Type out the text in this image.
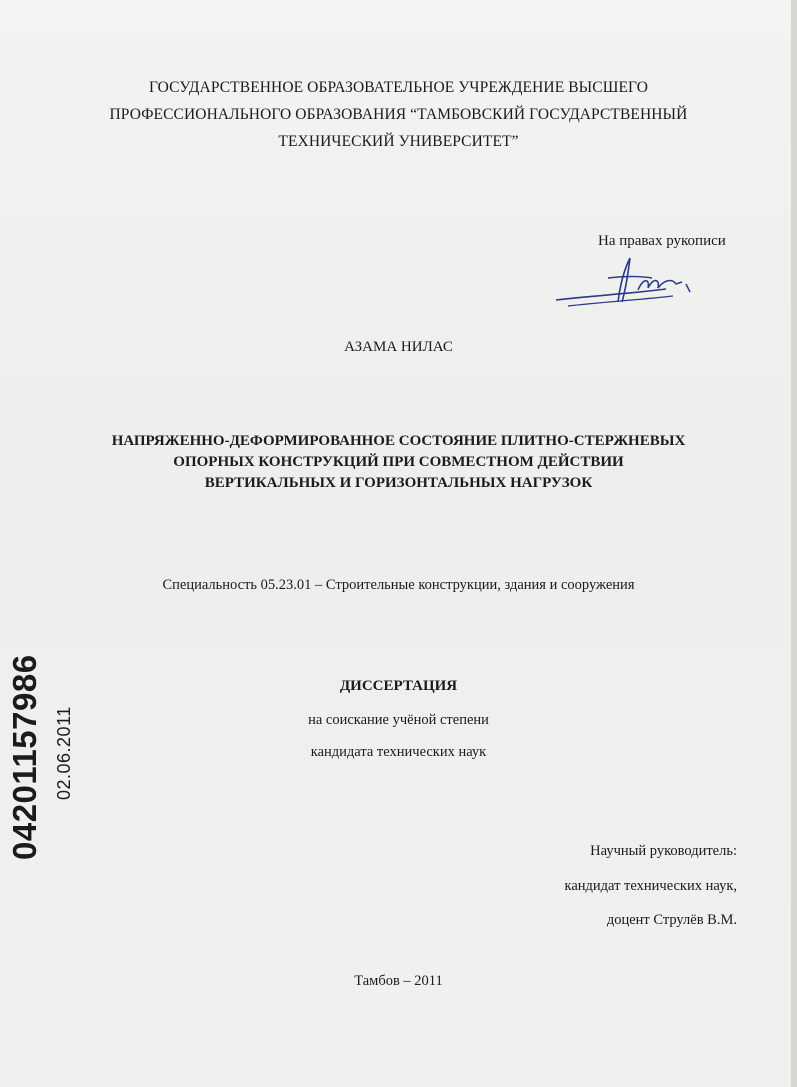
ГОСУДАРСТВЕННОЕ ОБРАЗОВАТЕЛЬНОЕ УЧРЕЖДЕНИЕ ВЫСШЕГО
ПРОФЕССИОНАЛЬНОГО ОБРАЗОВАНИЯ “ТАМБОВСКИЙ ГОСУДАРСТВЕННЫЙ
ТЕХНИЧЕСКИЙ УНИВЕРСИТЕТ”
На правах рукописи
АЗАМА НИЛАС
НАПРЯЖЕННО-ДЕФОРМИРОВАННОЕ СОСТОЯНИЕ ПЛИТНО-СТЕРЖНЕВЫХ
ОПОРНЫХ КОНСТРУКЦИЙ ПРИ СОВМЕСТНОМ ДЕЙСТВИИ
ВЕРТИКАЛЬНЫХ И ГОРИЗОНТАЛЬНЫХ НАГРУЗОК
Специальность 05.23.01 – Строительные конструкции, здания и сооружения
ДИССЕРТАЦИЯ
на соискание учёной степени
кандидата технических наук
Научный руководитель:
кандидат технических наук,
доцент Струлёв В.М.
Тамбов – 2011
04201157986 02.06.2011
